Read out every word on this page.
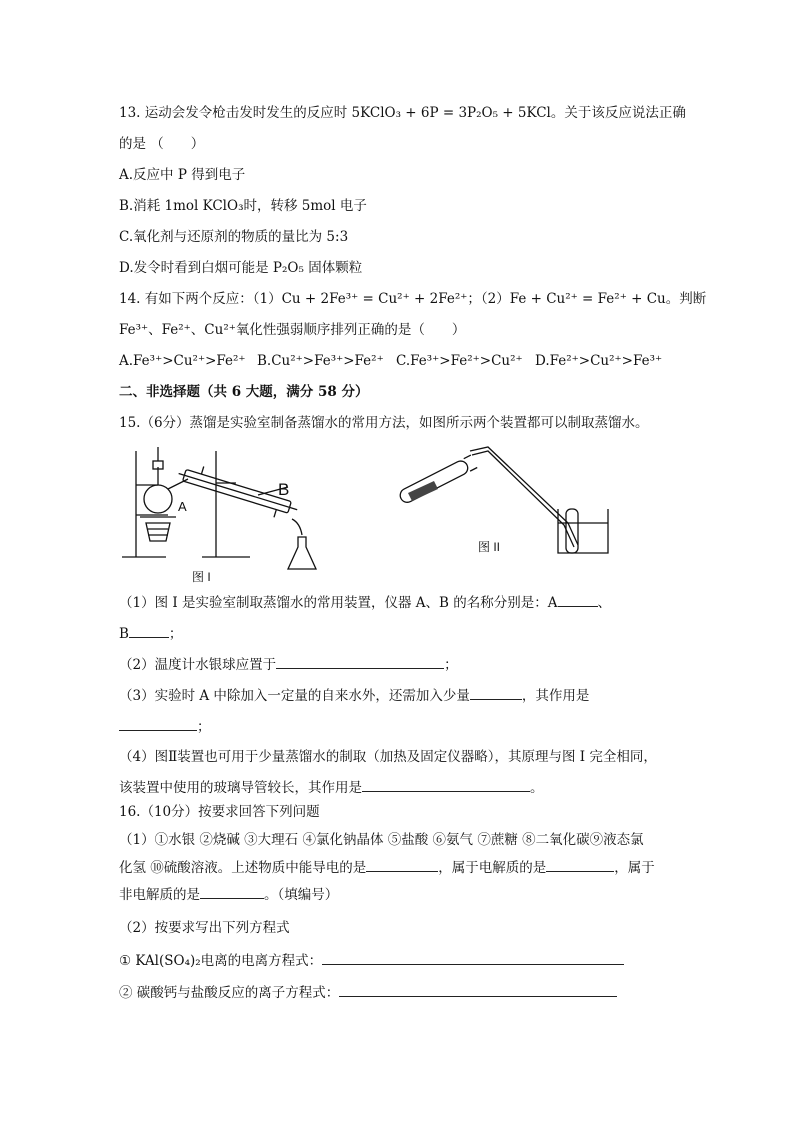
13. 运动会发令枪击发时发生的反应时 5KClO₃ + 6P = 3P₂O₅ + 5KCl。关于该反应说法正确
的是 （　　）
A.反应中 P 得到电子
B.消耗 1mol KClO₃时，转移 5mol 电子
C.氧化剂与还原剂的物质的量比为 5:3
D.发令时看到白烟可能是 P₂O₅ 固体颗粒
14. 有如下两个反应：（1）Cu + 2Fe³⁺ = Cu²⁺ + 2Fe²⁺；（2）Fe + Cu²⁺ = Fe²⁺ + Cu。判断
Fe³⁺、Fe²⁺、Cu²⁺氧化性强弱顺序排列正确的是（　　）
A.Fe³⁺>Cu²⁺>Fe²⁺ B.Cu²⁺>Fe³⁺>Fe²⁺ C.Fe³⁺>Fe²⁺>Cu²⁺ D.Fe²⁺>Cu²⁺>Fe³⁺
二、非选择题（共 6 大题，满分 58 分）
15.（6分）蒸馏是实验室制备蒸馏水的常用方法，如图所示两个装置都可以制取蒸馏水。
A
B
图 I
图 II
（1）图 I 是实验室制取蒸馏水的常用装置，仪器 A、B 的名称分别是：A	、
B	；
（2）温度计水银球应置于	；
（3）实验时 A 中除加入一定量的自来水外，还需加入少量	，其作用是
；
（4）图Ⅱ装置也可用于少量蒸馏水的制取（加热及固定仪器略），其原理与图 I 完全相同，
该装置中使用的玻璃导管较长，其作用是	。
16.（10分）按要求回答下列问题
（1）①水银 ②烧碱 ③大理石 ④氯化钠晶体 ⑤盐酸 ⑥氨气 ⑦蔗糖 ⑧二氧化碳⑨液态氯
化氢 ⑩硫酸溶液。上述物质中能导电的是	，属于电解质的是	，属于
非电解质的是	。（填编号）
（2）按要求写出下列方程式
① KAl(SO₄)₂电离的电离方程式：
② 碳酸钙与盐酸反应的离子方程式：
